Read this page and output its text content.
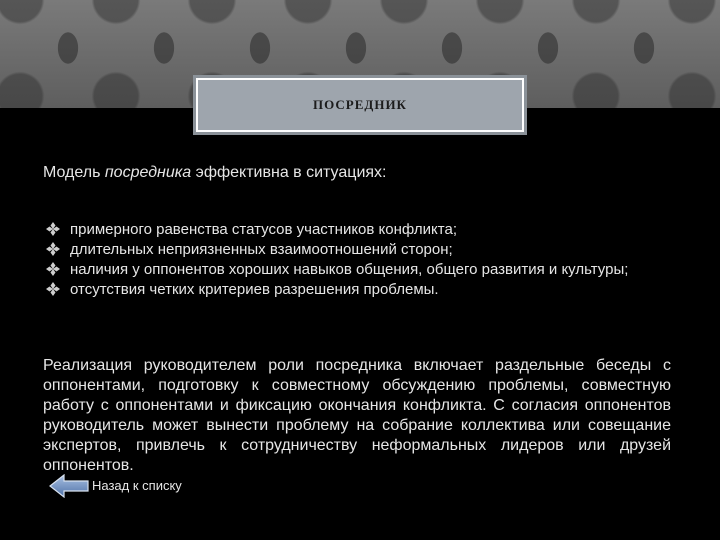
ПОСРЕДНИК
Модель посредника эффективна в ситуациях:
примерного равенства статусов участников конфликта;
длительных неприязненных взаимоотношений сторон;
наличия у оппонентов хороших навыков общения, общего развития и культуры;
отсутствия четких критериев разрешения проблемы.
Реализация руководителем роли посредника включает раздельные беседы с оппонентами, подготовку к совместному обсуждению проблемы, совместную работу с оппонентами и фиксацию окончания конфликта. С согласия оппонентов руководитель может вынести проблему на собрание коллектива или совещание экспертов, привлечь к сотрудничеству неформальных лидеров или друзей оппонентов.
Назад к списку
